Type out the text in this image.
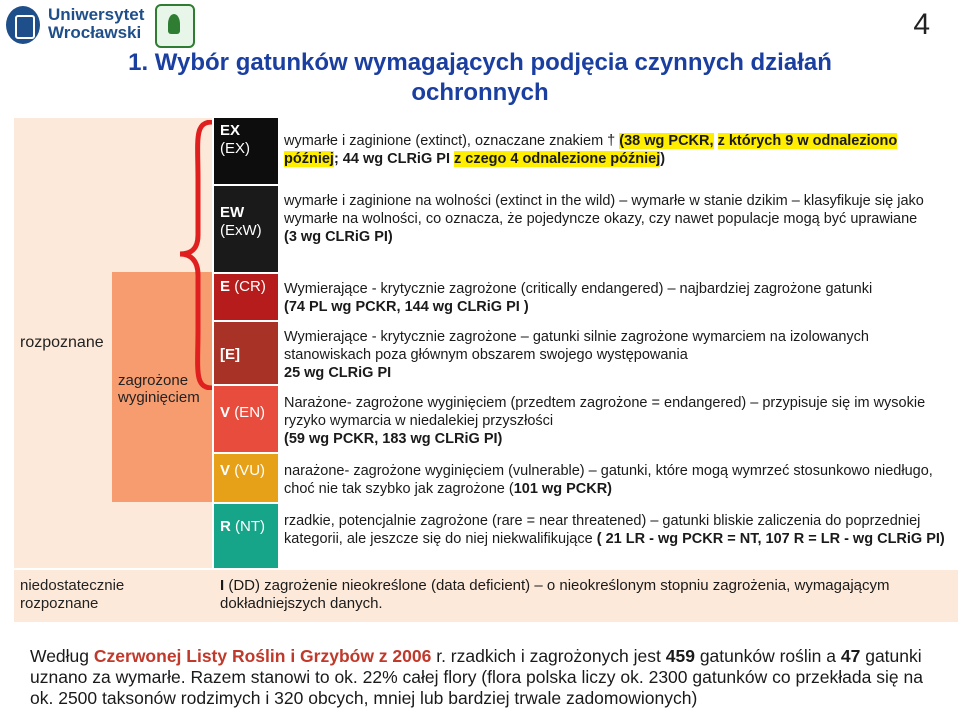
Uniwersytet
Wrocławski	4
1. Wybór gatunków wymagających podjęcia czynnych działań
ochronnych
rozpoznane
zagrożone
wyginięciem
EX
(EX)
EW
(ExW)
E (CR)
[E]
V (EN)
V (VU)
R (NT)
wymarłe i zaginione (extinct), oznaczane znakiem † (38 wg PCKR, z których 9 w odnaleziono później; 44 wg CLRiG PI z czego 4 odnalezione później)
wymarłe i zaginione na wolności (extinct in the wild) – wymarłe w stanie dzikim – klasyfikuje się jako wymarłe na wolności, co oznacza, że pojedyncze okazy, czy nawet populacje mogą być uprawiane
(3 wg CLRiG PI)
Wymierające - krytycznie zagrożone (critically endangered) – najbardziej zagrożone gatunki
(74 PL wg PCKR, 144 wg CLRiG PI )
Wymierające - krytycznie zagrożone – gatunki silnie zagrożone wymarciem na izolowanych stanowiskach poza głównym obszarem swojego występowania
25 wg CLRiG PI
Narażone- zagrożone wyginięciem (przedtem zagrożone = endangered) – przypisuje się im wysokie ryzyko wymarcia w niedalekiej przyszłości
(59 wg PCKR, 183 wg CLRiG PI)
narażone- zagrożone wyginięciem (vulnerable) – gatunki, które mogą wymrzeć stosunkowo niedługo, choć nie tak szybko jak zagrożone (101 wg PCKR)
rzadkie, potencjalnie zagrożone (rare = near threatened) – gatunki bliskie zaliczenia do poprzedniej kategorii, ale jeszcze się do niej niekwalifikujące ( 21 LR - wg PCKR = NT, 107 R = LR - wg CLRiG PI)
niedostatecznie
rozpoznane
I (DD) zagrożenie nieokreślone (data deficient) – o nieokreślonym stopniu zagrożenia, wymagającym dokładniejszych danych.
Według Czerwonej Listy Roślin i Grzybów z 2006 r. rzadkich i zagrożonych jest 459 gatunków roślin a 47 gatunki uznano za wymarłe. Razem stanowi to ok. 22% całej flory (flora polska liczy ok. 2300 gatunków co przekłada się na ok. 2500 taksonów rodzimych i 320 obcych, mniej lub bardziej trwale zadomowionych)
